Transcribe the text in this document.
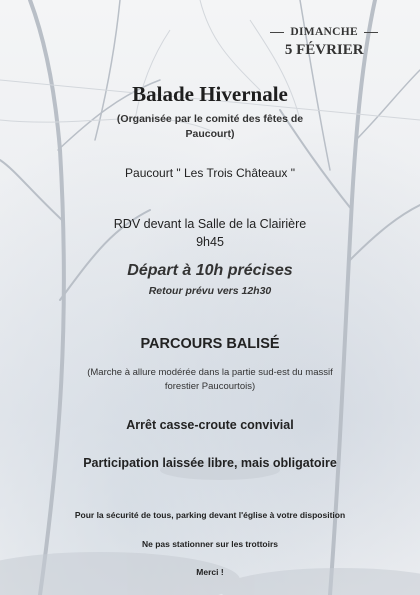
DIMANCHE
5 FÉVRIER
Balade Hivernale
(Organisée par le comité des fêtes de Paucourt)
Paucourt " Les Trois Châteaux "
RDV devant la Salle de la Clairière
9h45
Départ à 10h précises
Retour prévu vers 12h30
PARCOURS BALISÉ
(Marche à allure modérée dans la partie sud-est du massif forestier Paucourtois)
Arrêt casse-croute convivial
Participation laissée libre, mais obligatoire
Pour la sécurité de tous, parking devant l'église à votre disposition
Ne pas stationner sur les trottoirs
Merci !
